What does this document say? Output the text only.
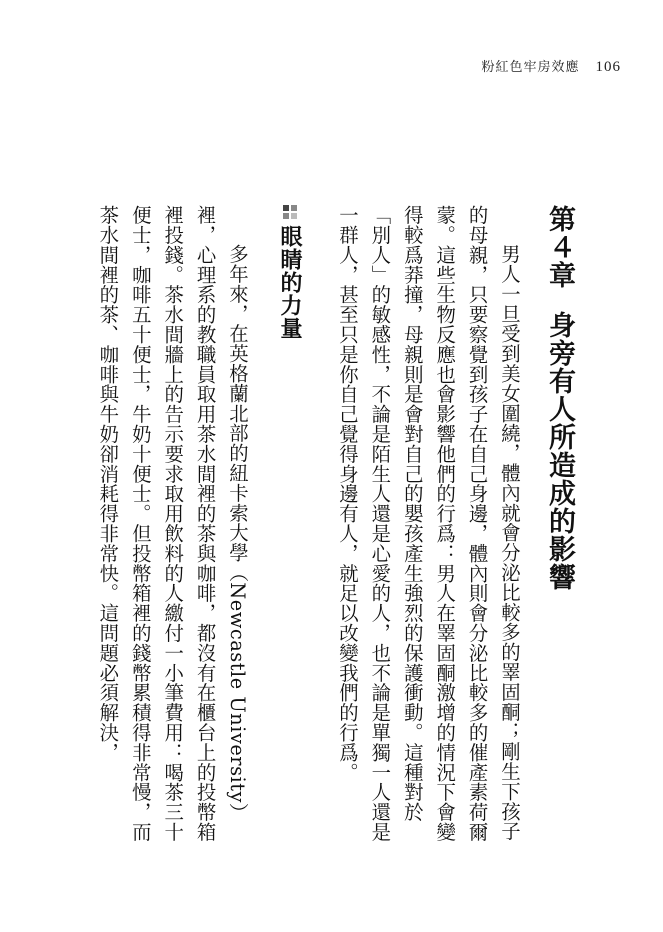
粉紅色牢房效應 106
第４章身旁有人所造成的影響
男人一旦受到美女圍繞，體內就會分泌比較多的睪固酮；剛生下孩子的母親，只要察覺到孩子在自己身邊，體內則會分泌比較多的催產素荷爾蒙。這些生物反應也會影響他們的行爲：男人在睪固酮激增的情況下會變得較爲莽撞，母親則是會對自己的嬰孩產生強烈的保護衝動。這種對於「別人」的敏感性，不論是陌生人還是心愛的人，也不論是單獨一人還是一群人，甚至只是你自己覺得身邊有人，就足以改變我們的行爲。
眼睛的力量
多年來，在英格蘭北部的紐卡索大學（Newcastle University）裡，心理系的教職員取用茶水間裡的茶與咖啡，都沒有在櫃台上的投幣箱裡投錢。茶水間牆上的告示要求取用飲料的人繳付一小筆費用：喝茶三十便士，咖啡五十便士，牛奶十便士。但投幣箱裡的錢幣累積得非常慢，而茶水間裡的茶、咖啡與牛奶卻消耗得非常快。這問題必須解決，
